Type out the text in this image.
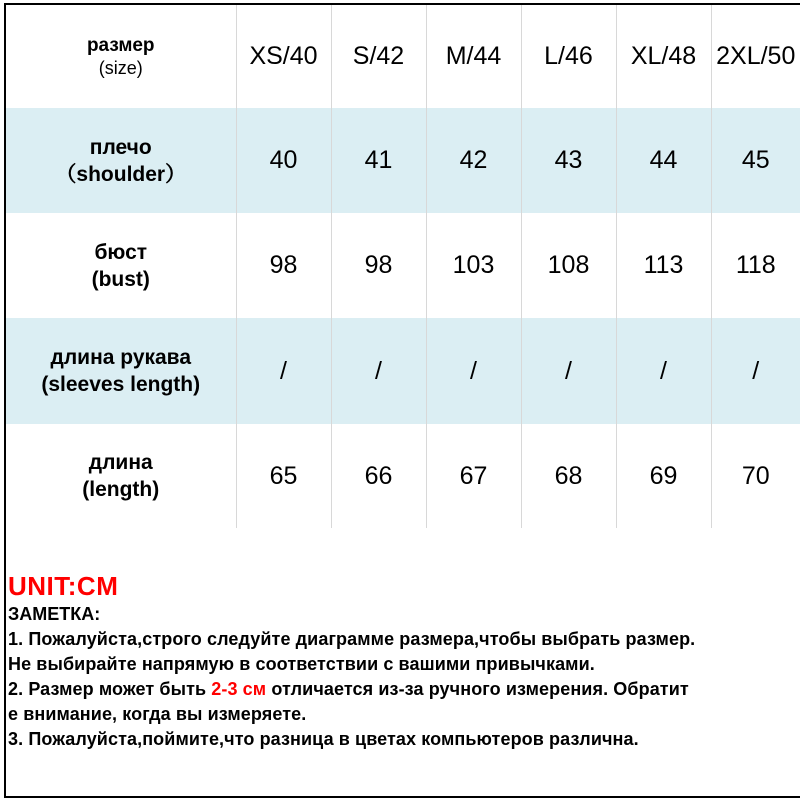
размер
(size)	XS/40	S/42	M/44	L/46	XL/48	2XL/50

плечо
（shoulder）	40	41	42	43	44	45

бюст
(bust)	98	98	103	108	113	118

длина рукава
(sleeves length)	/	/	/	/	/	/

длина
(length)	65	66	67	68	69	70
UNIT:CM
ЗАМЕТКА:
1. Пожалуйста,строго следуйте диаграмме размера,чтобы выбрать размер.
Не выбирайте напрямую в соответствии с вашими привычками.
2. Размер может быть 2-3 см отличается из-за ручного измерения. Обратит
е внимание, когда вы измеряете.
3. Пожалуйста,поймите,что разница в цветах компьютеров различна.
